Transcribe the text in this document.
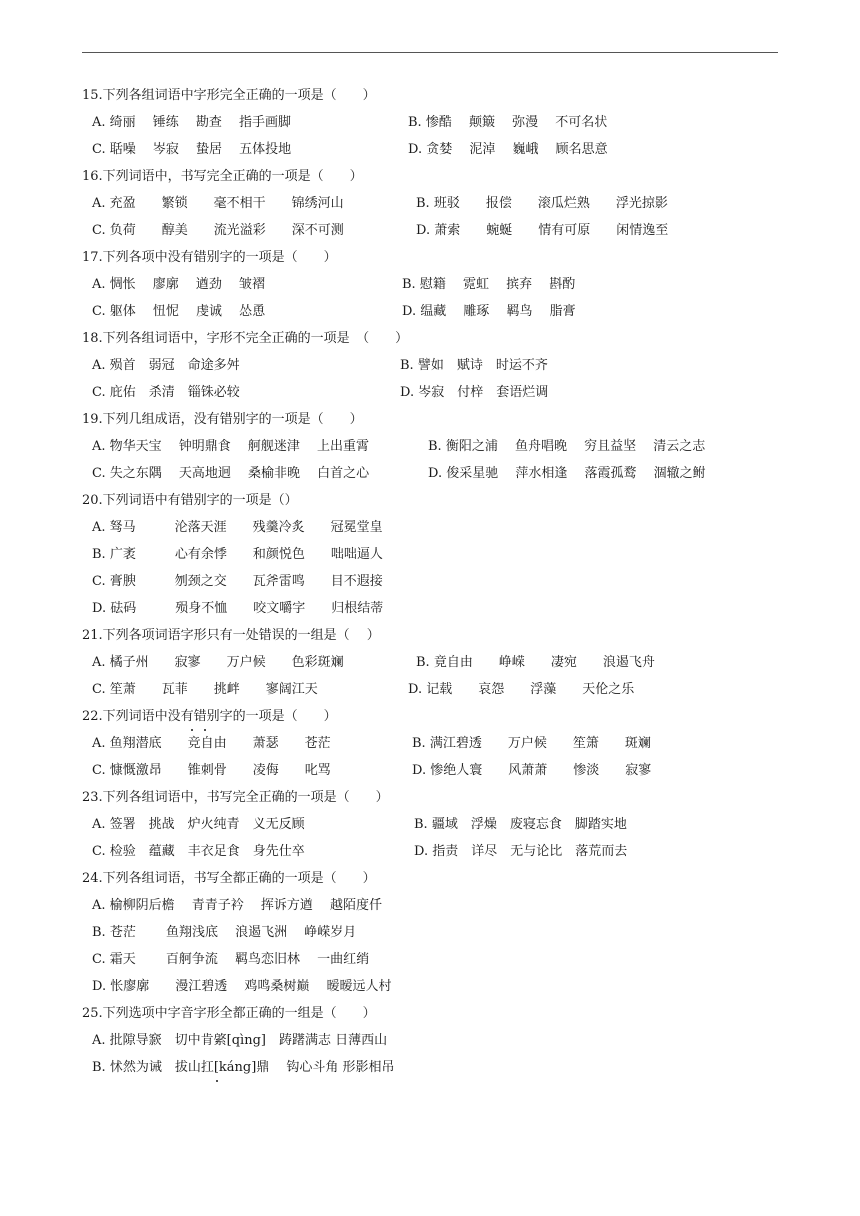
15.下列各组词语中字形完全正确的一项是（　　）
A. 绮丽　 锤练　 勘查　 指手画脚	B. 惨酷　 颠簸　 弥漫　 不可名状
C. 聒噪　 岑寂　 蛰居　 五体投地	D. 贪婪　 泥淖　 巍峨　 顾名思意
16.下列词语中，书写完全正确的一项是（　　）
A. 充盈　　繁锁　　毫不相干　　锦绣河山	B. 班驳　　报偿　　滚瓜烂熟　　浮光掠影
C. 负荷　　醇美　　流光溢彩　　深不可测	D. 萧索　　蜿蜒　　情有可原　　闲情逸至
17.下列各项中没有错别字的一项是（　　）
A. 惆怅　 廖廓　 遒劲　 皱褶	B. 慰籍　 霓虹　 摈弃　 斟酌
C. 躯体　 忸怩　 虔诚　 怂恿	D. 缊藏　 雕琢　 羁鸟　 脂膏
18.下列各组词语中，字形不完全正确的一项是　（　　）
A. 殒首　弱冠　命途多舛	B. 譬如　赋诗　时运不齐
C. 庇佑　杀清　锱铢必较	D. 岑寂　付梓　套语烂调
19.下列几组成语，没有错别字的一项是（　　）
A. 物华天宝　 钟明鼎食　 舸舰迷津　 上出重霄	B. 衡阳之浦　 鱼舟唱晚　 穷且益坚　 清云之志
C. 失之东隅　 天高地迥　 桑榆非晚　 白首之心	D. 俊采星驰　 萍水相逢　 落霞孤鹜　 涸辙之鲋
20.下列词语中有错别字的一项是（）
A. 驽马　　　沦落天涯　　残羹冷炙　　冠冕堂皇
B. 广袤　　　心有余悸　　和颜悦色　　咄咄逼人
C. 膏腴　　　刎颈之交　　瓦斧雷鸣　　目不遐接
D. 砝码　　　殒身不恤　　咬文嚼字　　归根结蒂
21.下列各项词语字形只有一处错误的一组是（　 ）
A. 橘子州　　寂寥　　万户候　　色彩斑斓	B. 竟自由　　峥嵘　　凄宛　　浪遏飞舟
C. 笙萧　　瓦菲　　挑衅　　寥阔江天	D. 记载　　哀怨　　浮藻　　天伦之乐
22.下列词语中没有错别字的一项是（　　）
A. 鱼翔潜底　　竞自由　　萧瑟　　苍茫	B. 满江碧透　　万户候　　笙箫　　斑斓
C. 慷慨激昂　　锥刺骨　　凌侮　　叱骂	D. 惨绝人寰　　风萧萧　　惨淡　　寂寥
23.下列各组词语中，书写完全正确的一项是（　　）
A. 签署　挑战　炉火纯青　义无反顾	B. 疆域　浮燥　废寝忘食　脚踏实地
C. 检验　蕴藏　丰衣足食　身先仕卒	D. 指责　详尽　无与论比　落荒而去
24.下列各组词语，书写全都正确的一项是（　　）
A. 榆柳阴后檐　 青青子衿　 挥诉方遒　 越陌度仟
B. 苍茫　　 鱼翔浅底　 浪遏飞洲　 峥嵘岁月
C. 霜天　　 百舸争流　 羁鸟恋旧林　 一曲红绡
D. 怅廖廓　　漫江碧透　 鸡鸣桑树巅　 暧暧远人村
25.下列选项中字音字形全都正确的一组是（　　）
A. 批隙导窾　切中肯綮[qìng]　踌躇满志 日薄西山
B. 怵然为诫　拔山扛[káng]鼎　 钩心斗角 形影相吊
